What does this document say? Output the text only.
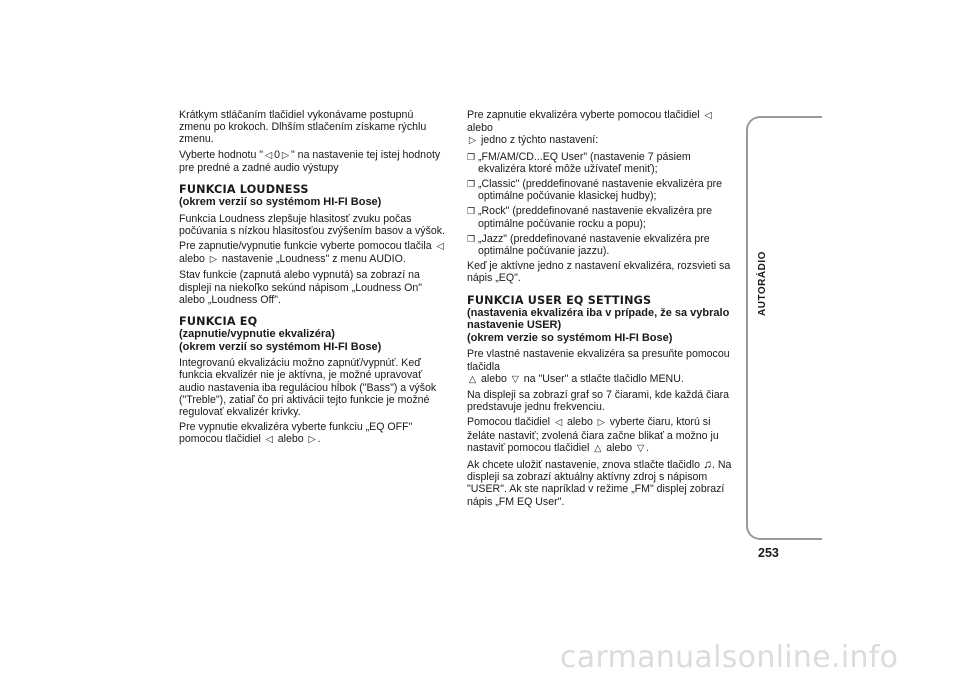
Krátkym stláčaním tlačidiel vykonávame postupnú zmenu po krokoch. Dlhším stlačením získame rýchlu zmenu.

Vyberte hodnotu " ◁ 0 ▷ " na nastavenie tej istej hodnoty pre predné a zadné audio výstupy

FUNKCIA LOUDNESS
(okrem verzií so systémom HI-FI Bose)

Funkcia Loudness zlepšuje hlasitosť zvuku počas počúvania s nízkou hlasitosťou zvýšením basov a výšok.

Pre zapnutie/vypnutie funkcie vyberte pomocou tlačila ◁ alebo ▷ nastavenie „Loudness" z menu AUDIO.

Stav funkcie (zapnutá alebo vypnutá) sa zobrazí na displeji na niekoľko sekúnd nápisom „Loudness On" alebo „Loudness Off".

FUNKCIA EQ
(zapnutie/vypnutie ekvalizéra)
(okrem verzií so systémom HI-FI Bose)

Integrovanú ekvalizáciu možno zapnúť/vypnúť. Keď funkcia ekvalizér nie je aktívna, je možné upravovať audio nastavenia iba reguláciou hĺbok ("Bass") a výšok ("Treble"), zatiaľ čo pri aktivácii tejto funkcie je možné regulovať ekvalizér krivky.

Pre vypnutie ekvalizéra vyberte funkciu „EQ OFF" pomocou tlačidiel ◁ alebo ▷ .

Pre zapnutie ekvalizéra vyberte pomocou tlačidiel ◁ alebo
▷ jedno z týchto nastavení:

❒ „FM/AM/CD...EQ User" (nastavenie 7 pásiem ekvalizéra ktoré môže užívateľ meniť);
❒ „Classic" (preddefinované nastavenie ekvalizéra pre optimálne počúvanie klasickej hudby);
❒ „Rock" (preddefinované nastavenie ekvalizéra pre optimálne počúvanie rocku a popu);
❒ „Jazz" (preddefinované nastavenie ekvalizéra pre optimálne počúvanie jazzu).

Keď je aktívne jedno z nastavení ekvalizéra, rozsvieti sa nápis „EQ".

FUNKCIA USER EQ SETTINGS
(nastavenia ekvalizéra iba v prípade, že sa vybralo nastavenie USER)
(okrem verzie so systémom HI-FI Bose)

Pre vlastné nastavenie ekvalizéra sa presuňte pomocou tlačidla
△ alebo ▽ na "User" a stlačte tlačidlo MENU.

Na displeji sa zobrazí graf so 7 čiarami, kde každá čiara predstavuje jednu frekvenciu.

Pomocou tlačidiel ◁ alebo ▷ vyberte čiaru, ktorú si želáte nastaviť; zvolená čiara začne blikať a možno ju nastaviť pomocou tlačidiel △ alebo ▽ .

Ak chcete uložiť nastavenie, znova stlačte tlačidlo ♫. Na displeji sa zobrazí aktuálny aktívny zdroj s nápisom "USER". Ak ste napríklad v režime „FM" displej zobrazí nápis „FM EQ User".

AUTORÁDIO
253
carmanualsonline.info
